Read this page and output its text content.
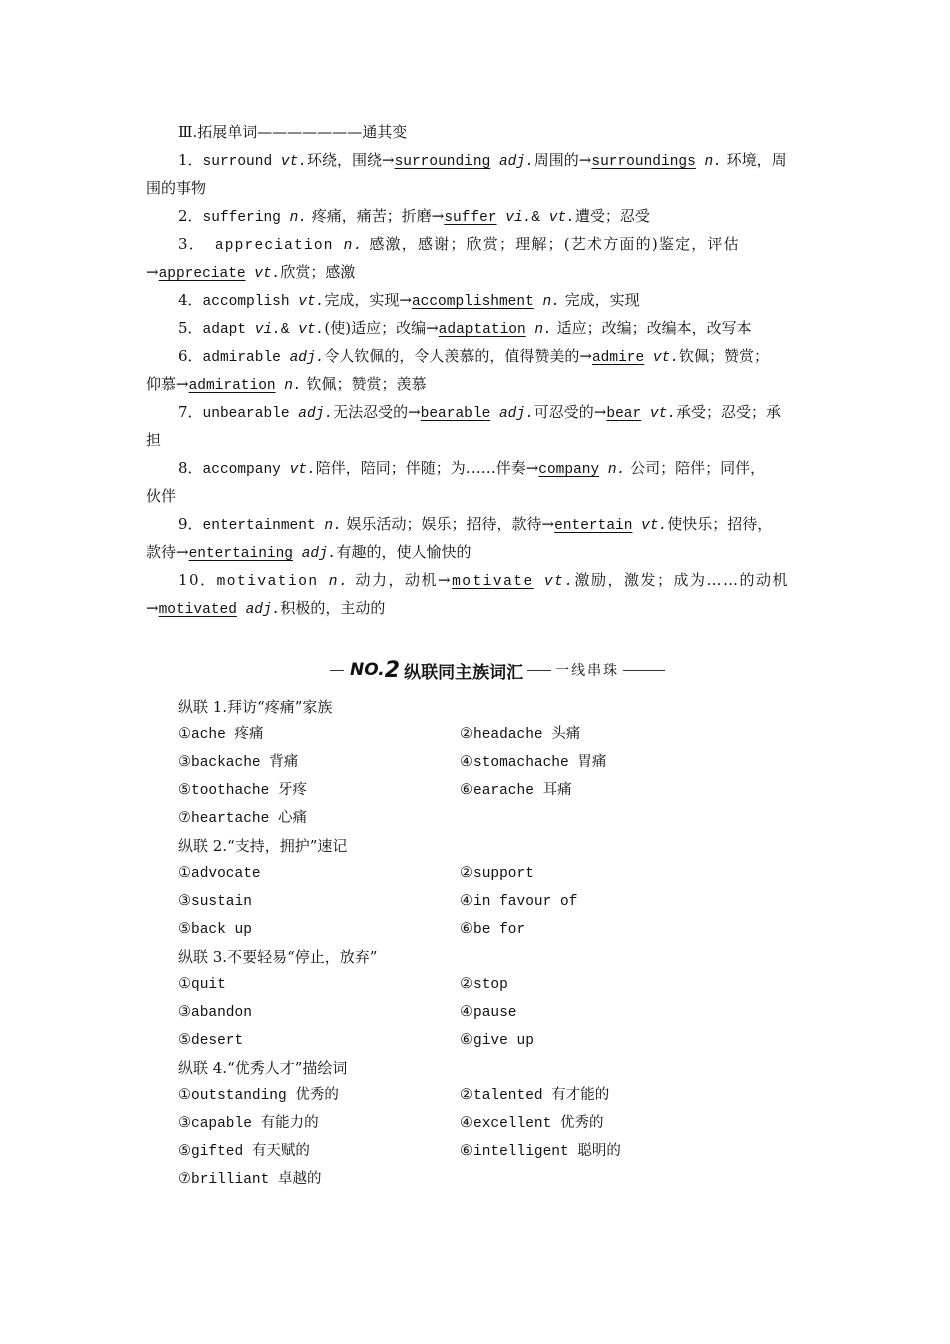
Ⅲ.拓展单词———————通其变
1．surround vt.环绕，围绕→surrounding adj.周围的→surroundings n. 环境，周
围的事物
2．suffering n. 疼痛，痛苦；折磨→suffer vi.& vt.遭受；忍受
3． appreciation n. 感激，感谢；欣赏；理解；(艺术方面的)鉴定，评估
→appreciate vt.欣赏；感激
4．accomplish vt.完成，实现→accomplishment n. 完成，实现
5．adapt vi.& vt.(使)适应；改编→adaptation n. 适应；改编；改编本，改写本
6．admirable adj.令人钦佩的，令人羡慕的，值得赞美的→admire vt.钦佩；赞赏；
仰慕→admiration n. 钦佩；赞赏；羡慕
7．unbearable adj.无法忍受的→bearable adj.可忍受的→bear vt.承受；忍受；承
担
8．accompany vt.陪伴，陪同；伴随；为……伴奏→company n. 公司；陪伴；同伴，
伙伴
9．entertainment n. 娱乐活动；娱乐；招待，款待→entertain vt.使快乐；招待，
款待→entertaining adj.有趣的，使人愉快的
10．motivation n. 动力，动机→motivate vt.激励，激发；成为……的动机
→motivated adj.积极的，主动的
NO. 2 纵联同主族词汇 一线串珠
纵联 1.拜访“疼痛”家族
①ache 疼痛	②headache 头痛
③backache 背痛	④stomachache 胃痛
⑤toothache 牙疼	⑥earache 耳痛
⑦heartache 心痛
纵联 2.“支持，拥护”速记
①advocate	②support
③sustain	④in favour of
⑤back up	⑥be for
纵联 3.不要轻易“停止，放弃”
①quit	②stop
③abandon	④pause
⑤desert	⑥give up
纵联 4.“优秀人才”描绘词
①outstanding 优秀的	②talented 有才能的
③capable 有能力的	④excellent 优秀的
⑤gifted 有天赋的	⑥intelligent 聪明的
⑦brilliant 卓越的
